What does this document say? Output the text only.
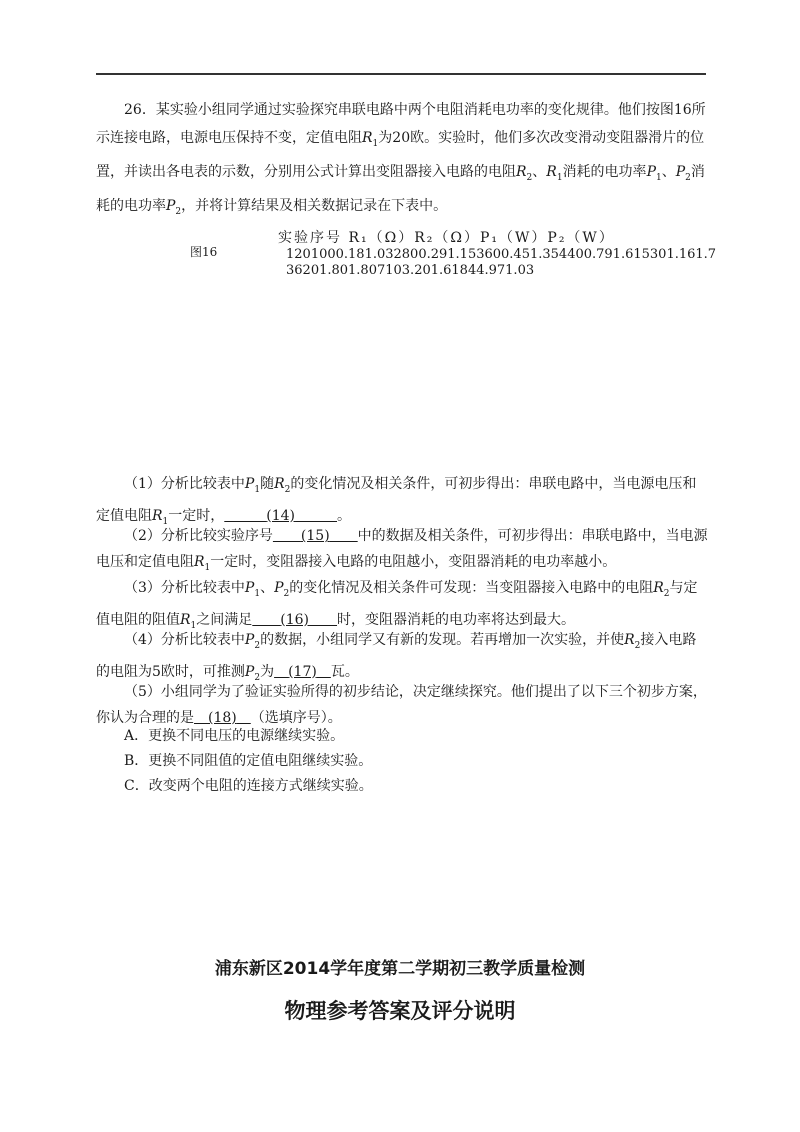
26．某实验小组同学通过实验探究串联电路中两个电阻消耗电功率的变化规律。他们按图16所示连接电路，电源电压保持不变，定值电阻$R_1$为20欧。实验时，他们多次改变滑动变阻器滑片的位置，并读出各电表的示数，分别用公式计算出变阻器接入电路的电阻$R_2$、$R_1$消耗的电功率$P_1$、$P_2$消耗的电功率$P_2$，并将计算结果及相关数据记录在下表中。
图16
实验序号 R₁（Ω）R₂（Ω）P₁（W）P₂（W）
1201000.181.032800.291.153600.451.354400.791.615301.161.7
36201.801.807103.201.61844.971.03
（1）分析比较表中$P_1$随$R_2$的变化情况及相关条件，可初步得出：串联电路中，当电源电压和定值电阻$R_1$一定时，   	(14)   	。
（2）分析比较实验序号   (15)   中的数据及相关条件，可初步得出：串联电路中，当电源电压和定值电阻$R_1$一定时，变阻器接入电路的电阻越小，变阻器消耗的电功率越小。
（3）分析比较表中$P_1$、$P_2$的变化情况及相关条件可发现：当变阻器接入电路中的电阻$R_2$与定值电阻的阻值$R_1$之间满足   (16)   时，变阻器消耗的电功率将达到最大。
（4）分析比较表中$P_2$的数据，小组同学又有新的发现。若再增加一次实验，并使$R_2$接入电路的电阻为5欧时，可推测$P_2$为  (17)  瓦。
（5）小组同学为了验证实验所得的初步结论，决定继续探究。他们提出了以下三个初步方案，你认为合理的是  (18)  （选填序号）。
A．更换不同电压的电源继续实验。
B．更换不同阻值的定值电阻继续实验。
C．改变两个电阻的连接方式继续实验。
浦东新区2014学年度第二学期初三教学质量检测
物理参考答案及评分说明
